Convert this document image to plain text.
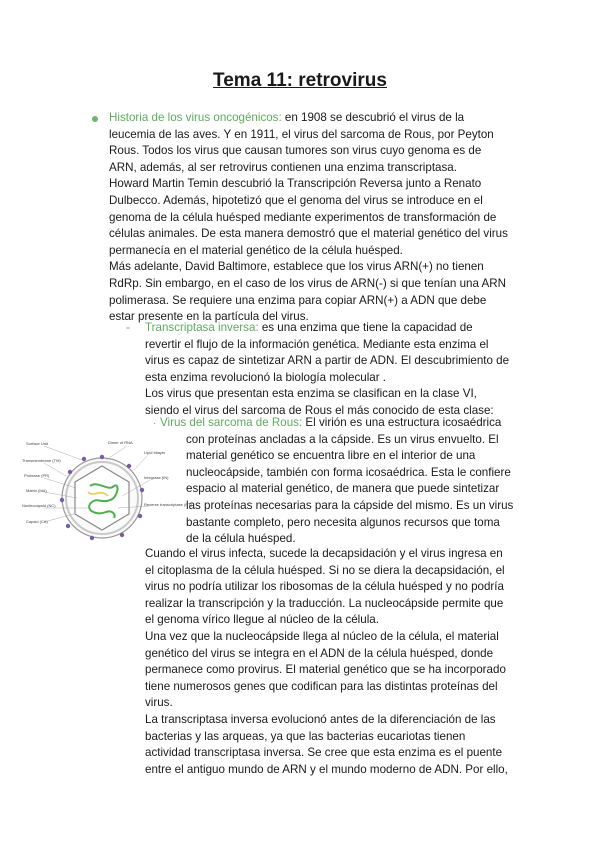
Tema 11: retrovirus

Historia de los virus oncogénicos: en 1908 se descubrió el virus de la

leucemia de las aves. Y en 1911, el virus del sarcoma de Rous, por Peyton

Rous. Todos los virus que causan tumores son virus cuyo genoma es de

ARN, además, al ser retrovirus contienen una enzima transcriptasa.

Howard Martin Temin descubrió la Transcripción Reversa junto a Renato

Dulbecco. Además, hipotetizó que el genoma del virus se introduce en el

genoma de la célula huésped mediante experimentos de transformación de

células animales. De esta manera demostró que el material genético del virus

permanecía en el material genético de la célula huésped.

Más adelante, David Baltimore, establece que los virus ARN(+) no tienen

RdRp. Sin embargo, en el caso de los virus de ARN(-) si que tenían una ARN

polimerasa. Se requiere una enzima para copiar ARN(+) a ADN que debe

estar presente en la partícula del virus.

- Transcriptasa inversa: es una enzima que tiene la capacidad de

revertir el flujo de la información genética. Mediante esta enzima el

virus es capaz de sintetizar ARN a partir de ADN. El descubrimiento de

esta enzima revolucionó la biología molecular .

Los virus que presentan esta enzima se clasifican en la clase VI,

siendo el virus del sarcoma de Rous el más conocido de esta clase:

· Virus del sarcoma de Rous: El virión es una estructura icosaédrica

con proteínas ancladas a la cápside. Es un virus envuelto. El

material genético se encuentra libre en el interior de una

nucleocápside, también con forma icosaédrica. Esta le confiere

espacio al material genético, de manera que puede sintetizar

las proteínas necesarias para la cápside del mismo. Es un virus

bastante completo, pero necesita algunos recursos que toma

de la célula huésped.

Cuando el virus infecta, sucede la decapsidación y el virus ingresa en

el citoplasma de la célula huésped. Si no se diera la decapsidación, el

virus no podría utilizar los ribosomas de la célula huésped y no podría

realizar la transcripción y la traducción. La nucleocápside permite que

el genoma vírico llegue al núcleo de la célula.

Una vez que la nucleocápside llega al núcleo de la célula, el material

genético del virus se integra en el ADN de la célula huésped, donde

permanece como provirus. El material genético que se ha incorporado

tiene numerosos genes que codifican para las distintas proteínas del

virus.

La transcriptasa inversa evolucionó antes de la diferenciación de las

bacterias y las arqueas, ya que las bacterias eucariotas tienen

actividad transcriptasa inversa. Se cree que esta enzima es el puente

entre el antiguo mundo de ARN y el mundo moderno de ADN. Por ello,

Surface Unit
Transmembrane (TM)
Protease (PR)
Matrix (MA)
Nucleocapsid (NC)
Capsid (CA)
Dimer of RNA
Lipid bilayer
Integrase (IN)
Reverse transcriptase (RT)
